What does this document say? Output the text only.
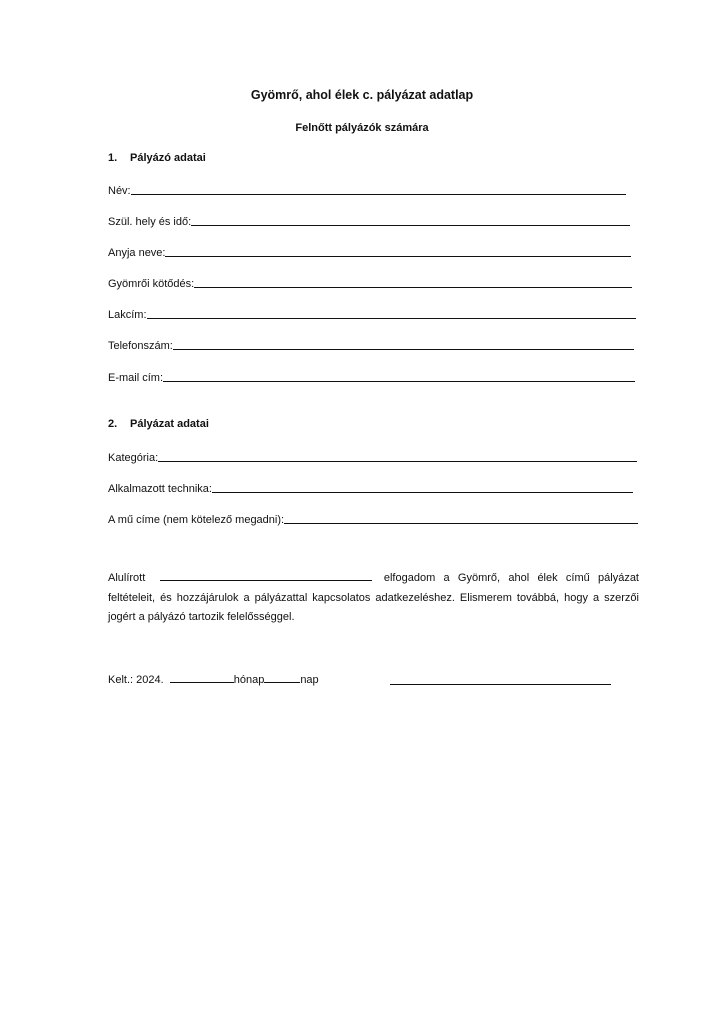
Gyömrő, ahol élek c. pályázat adatlap
Felnőtt pályázók számára
1. Pályázó adatai
Név:
Szül. hely és idő:
Anyja neve:
Gyömrői kötődés:
Lakcím:
Telefonszám:
E-mail cím:
2. Pályázat adatai
Kategória:
Alkalmazott technika:
A mű címe (nem kötelező megadni):
Alulírott	elfogadom a Gyömrő, ahol élek című pályázat feltételeit, és hozzájárulok a pályázattal kapcsolatos adatkezeléshez. Elismerem továbbá, hogy a szerzői jogért a pályázó tartozik felelősséggel.
Kelt.: 2024.	hónap	nap
